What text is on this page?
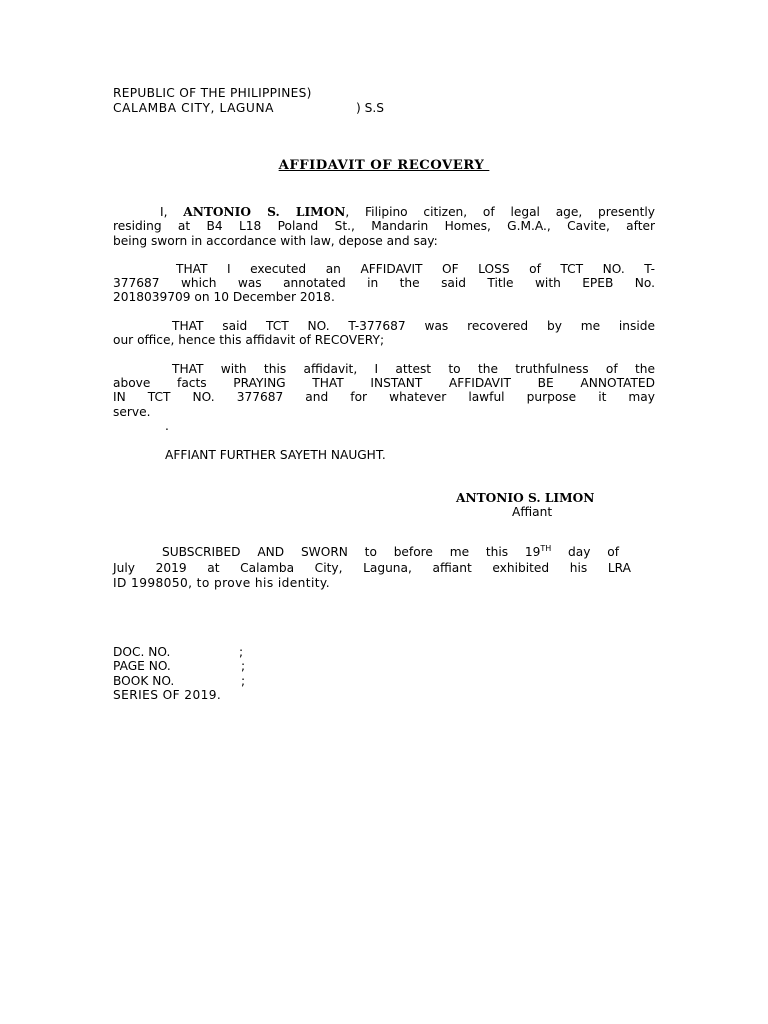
REPUBLIC OF THE PHILIPPINES)
CALAMBA CITY, LAGUNA	) S.S
AFFIDAVIT OF RECOVERY
I, ANTONIO S. LIMON, Filipino citizen, of legal age, presently
residing at B4 L18 Poland St., Mandarin Homes, G.M.A., Cavite, after
being sworn in accordance with law, depose and say:
THAT I executed an AFFIDAVIT OF LOSS of TCT NO. T-
377687 which was annotated in the said Title with EPEB No.
2018039709 on 10 December 2018.
THAT said TCT NO. T-377687 was recovered by me inside
our office, hence this affidavit of RECOVERY;
THAT with this affidavit, I attest to the truthfulness of the
above facts PRAYING THAT INSTANT AFFIDAVIT BE ANNOTATED
IN TCT NO. 377687 and for whatever lawful purpose it may
serve.
.
AFFIANT FURTHER SAYETH NAUGHT.
ANTONIO S. LIMON
Affiant
SUBSCRIBED AND SWORN to before me this 19TH day of
July 2019 at Calamba City, Laguna, affiant exhibited his LRA
ID 1998050, to prove his identity.
DOC. NO.	;
PAGE NO.	;
BOOK NO.	;
SERIES OF 2019.
